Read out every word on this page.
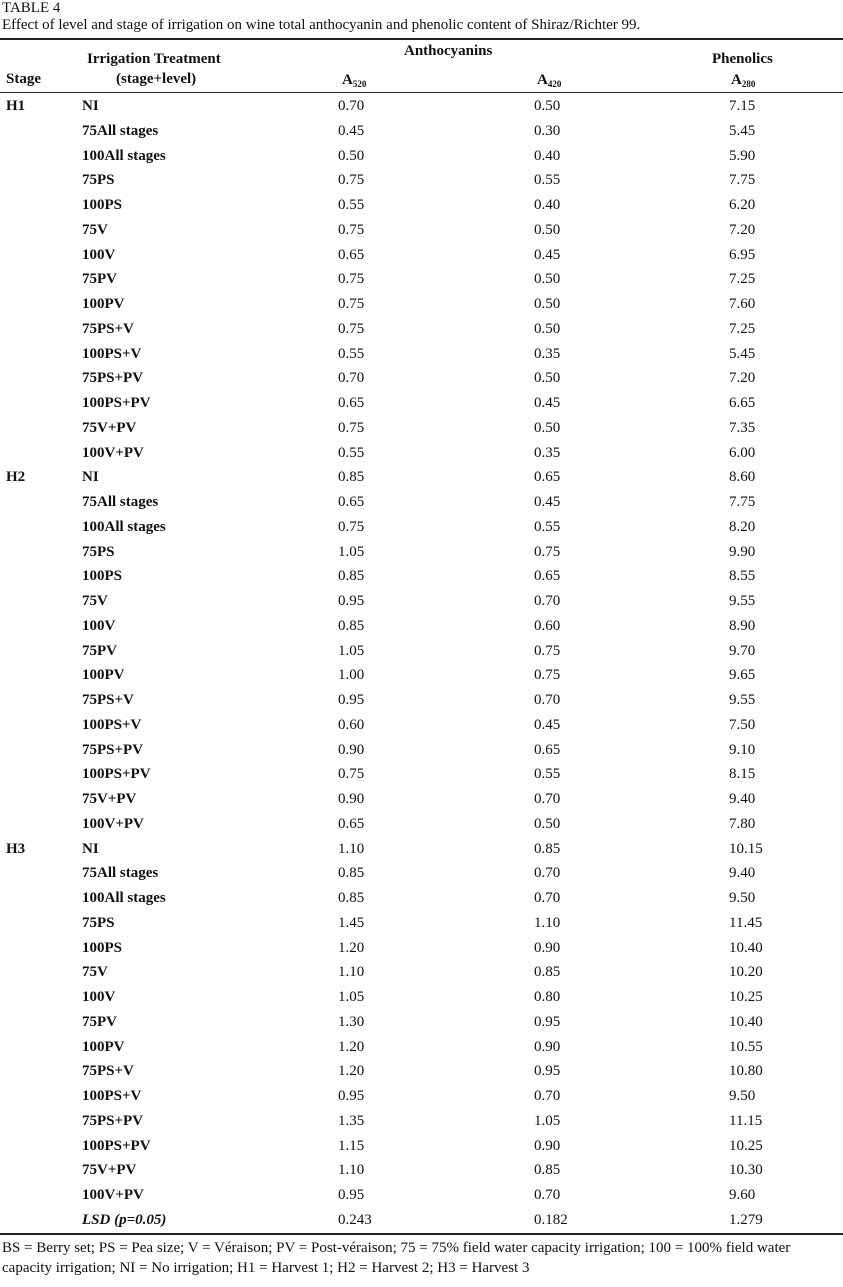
TABLE 4
Effect of level and stage of irrigation on wine total anthocyanin and phenolic content of Shiraz/Richter 99.
Stage
Irrigation Treatment
(stage+level)
Anthocyanins	Phenolics
$A_{520}$	$A_{420}$	$A_{280}$
H1	NI	0.70	0.50	7.15
75All stages	0.45	0.30	5.45
100All stages	0.50	0.40	5.90
75PS	0.75	0.55	7.75
100PS	0.55	0.40	6.20
75V	0.75	0.50	7.20
100V	0.65	0.45	6.95
75PV	0.75	0.50	7.25
100PV	0.75	0.50	7.60
75PS+V	0.75	0.50	7.25
100PS+V	0.55	0.35	5.45
75PS+PV	0.70	0.50	7.20
100PS+PV	0.65	0.45	6.65
75V+PV	0.75	0.50	7.35
100V+PV	0.55	0.35	6.00
H2	NI	0.85	0.65	8.60
75All stages	0.65	0.45	7.75
100All stages	0.75	0.55	8.20
75PS	1.05	0.75	9.90
100PS	0.85	0.65	8.55
75V	0.95	0.70	9.55
100V	0.85	0.60	8.90
75PV	1.05	0.75	9.70
100PV	1.00	0.75	9.65
75PS+V	0.95	0.70	9.55
100PS+V	0.60	0.45	7.50
75PS+PV	0.90	0.65	9.10
100PS+PV	0.75	0.55	8.15
75V+PV	0.90	0.70	9.40
100V+PV	0.65	0.50	7.80
H3	NI	1.10	0.85	10.15
75All stages	0.85	0.70	9.40
100All stages	0.85	0.70	9.50
75PS	1.45	1.10	11.45
100PS	1.20	0.90	10.40
75V	1.10	0.85	10.20
100V	1.05	0.80	10.25
75PV	1.30	0.95	10.40
100PV	1.20	0.90	10.55
75PS+V	1.20	0.95	10.80
100PS+V	0.95	0.70	9.50
75PS+PV	1.35	1.05	11.15
100PS+PV	1.15	0.90	10.25
75V+PV	1.10	0.85	10.30
100V+PV	0.95	0.70	9.60
LSD (p=0.05)	0.243	0.182	1.279
BS = Berry set; PS = Pea size; V = Véraison; PV = Post-véraison; 75 = 75% field water capacity irrigation; 100 = 100% field water capacity irrigation; NI = No irrigation; H1 = Harvest 1; H2 = Harvest 2; H3 = Harvest 3
